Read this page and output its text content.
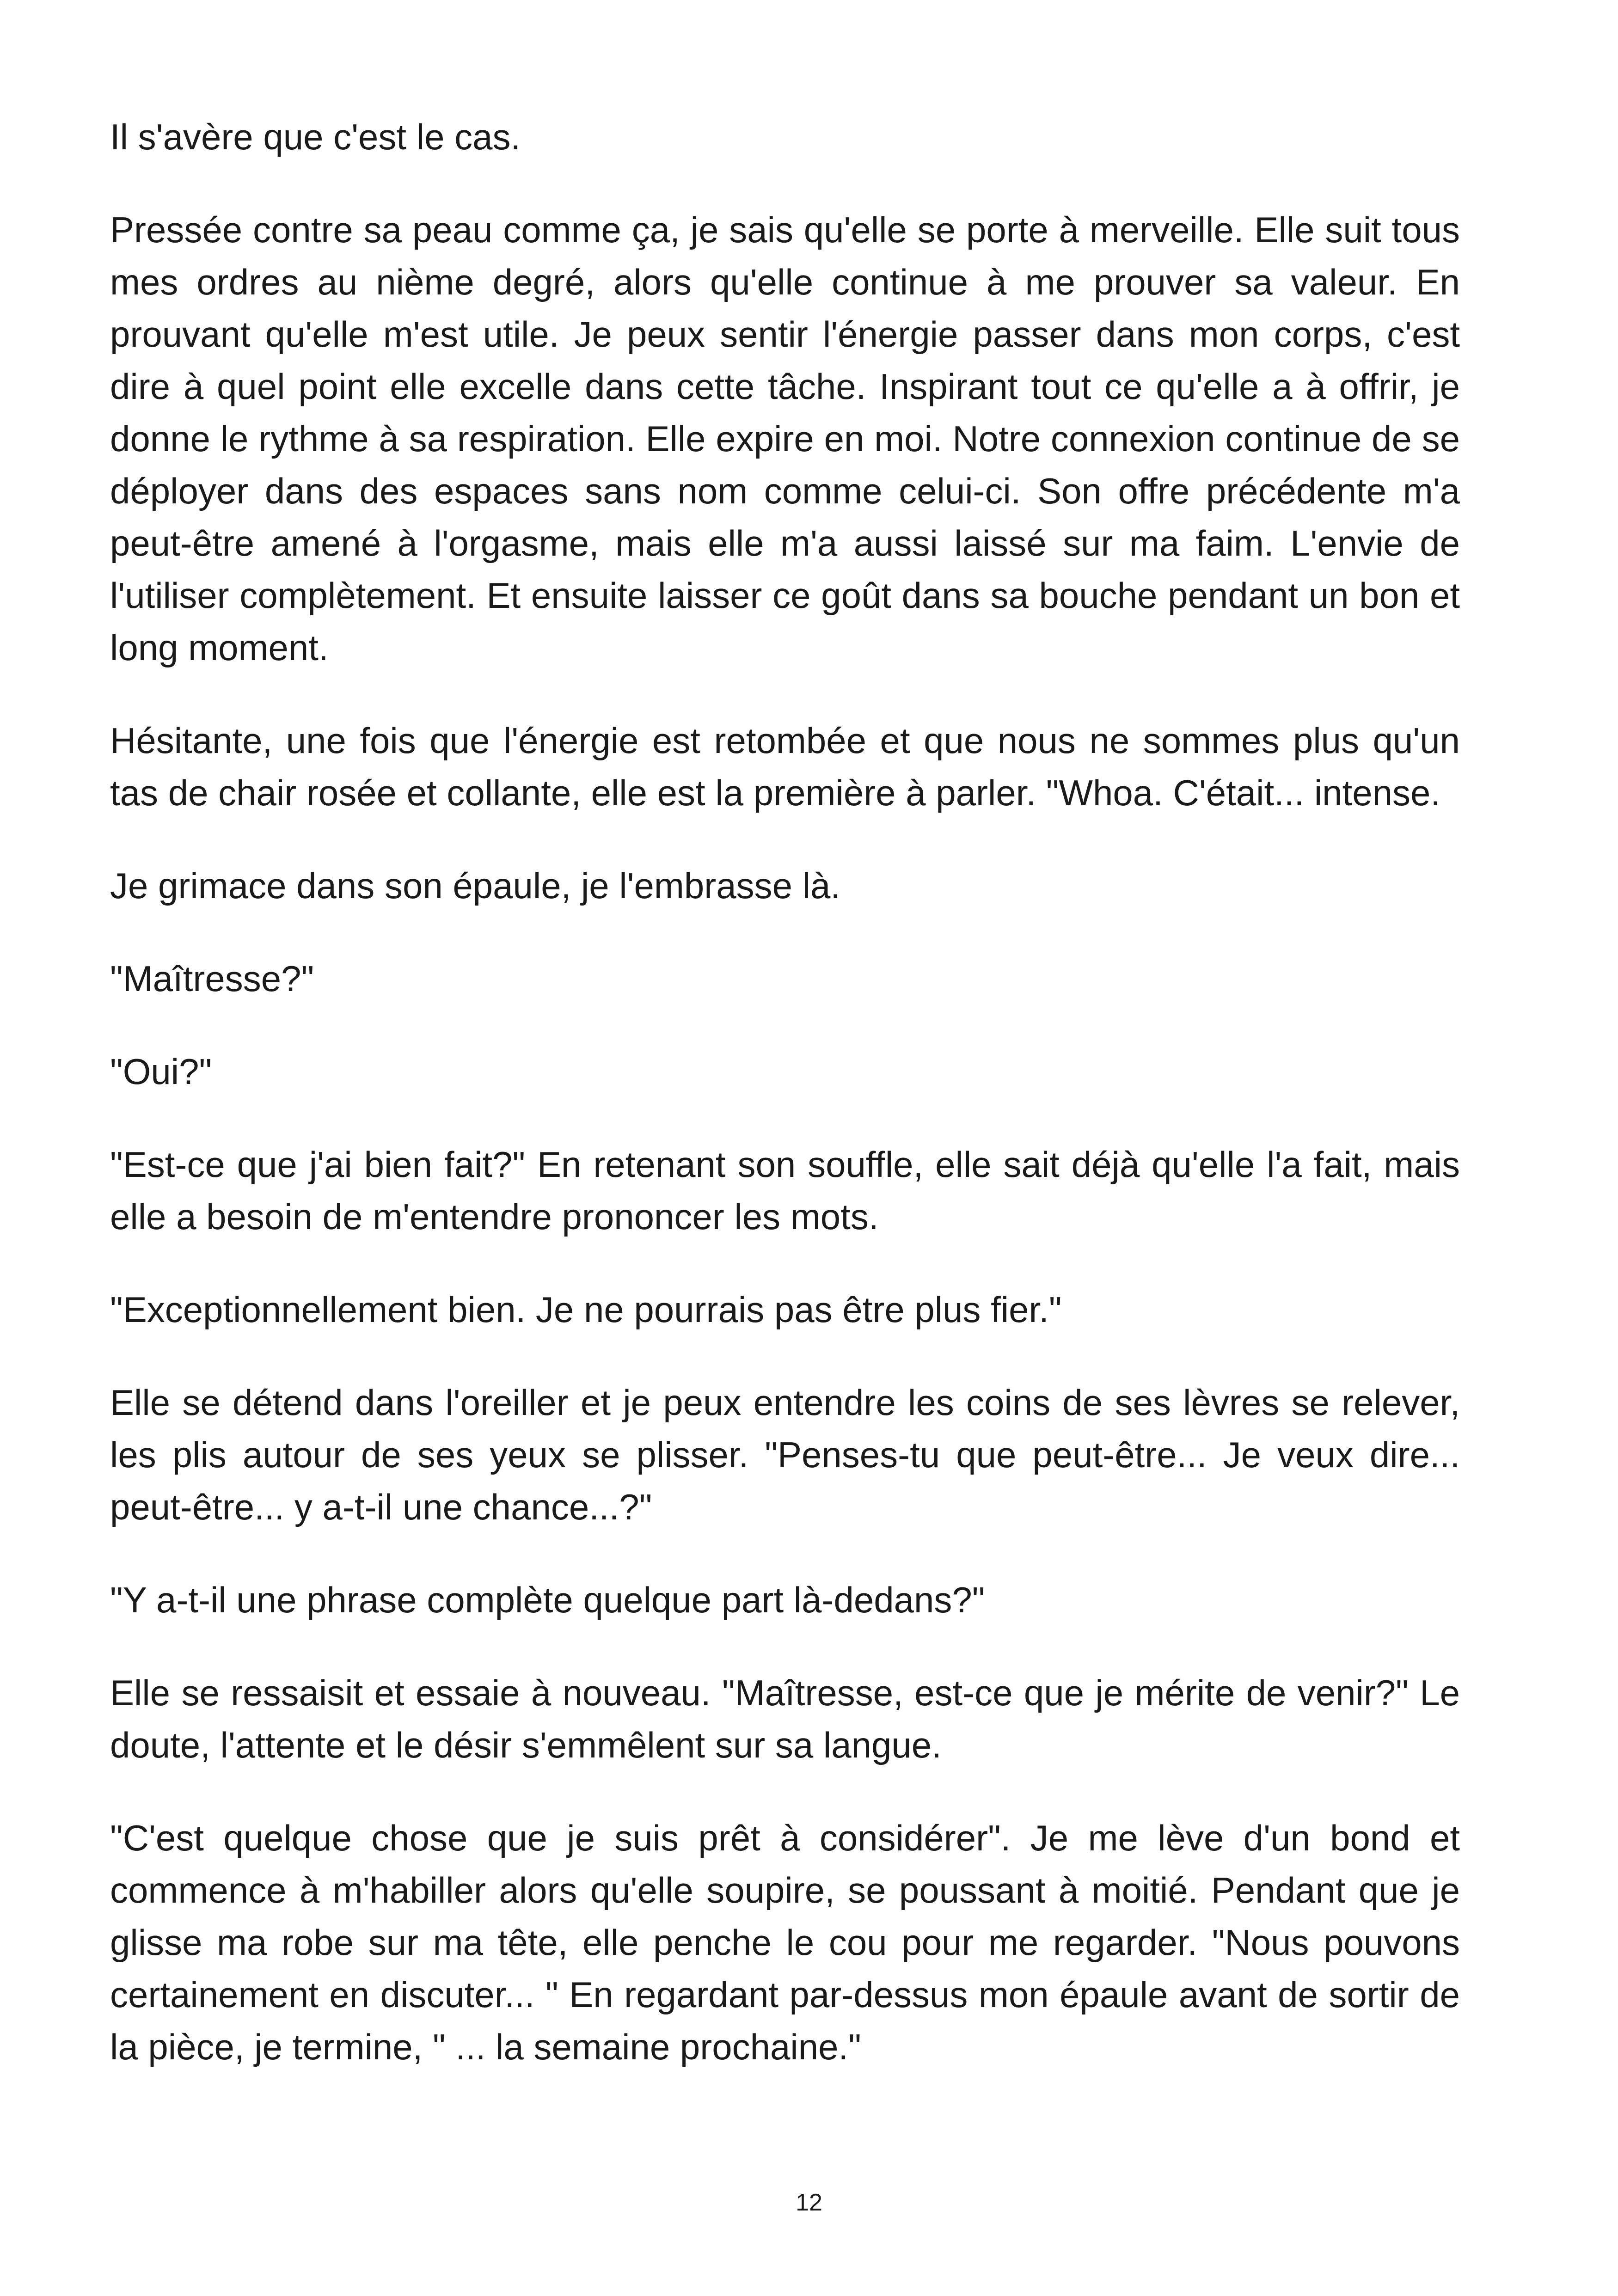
Il s'avère que c'est le cas.

Pressée contre sa peau comme ça, je sais qu'elle se porte à merveille. Elle suit tous mes ordres au nième degré, alors qu'elle continue à me prouver sa valeur. En prouvant qu'elle m'est utile. Je peux sentir l'énergie passer dans mon corps, c'est dire à quel point elle excelle dans cette tâche. Inspirant tout ce qu'elle a à offrir, je donne le rythme à sa respiration. Elle expire en moi. Notre connexion continue de se déployer dans des espaces sans nom comme celui-ci. Son offre précédente m'a peut-être amené à l'orgasme, mais elle m'a aussi laissé sur ma faim. L'envie de l'utiliser complètement. Et ensuite laisser ce goût dans sa bouche pendant un bon et long moment.

Hésitante, une fois que l'énergie est retombée et que nous ne sommes plus qu'un tas de chair rosée et collante, elle est la première à parler. "Whoa. C'était... intense.

Je grimace dans son épaule, je l'embrasse là.

"Maîtresse?"

"Oui?"

"Est-ce que j'ai bien fait?" En retenant son souffle, elle sait déjà qu'elle l'a fait, mais elle a besoin de m'entendre prononcer les mots.

"Exceptionnellement bien. Je ne pourrais pas être plus fier."

Elle se détend dans l'oreiller et je peux entendre les coins de ses lèvres se relever, les plis autour de ses yeux se plisser. "Penses-tu que peut-être... Je veux dire... peut-être... y a-t-il une chance...?"

"Y a-t-il une phrase complète quelque part là-dedans?"

Elle se ressaisit et essaie à nouveau. "Maîtresse, est-ce que je mérite de venir?" Le doute, l'attente et le désir s'emmêlent sur sa langue.

"C'est quelque chose que je suis prêt à considérer". Je me lève d'un bond et commence à m'habiller alors qu'elle soupire, se poussant à moitié. Pendant que je glisse ma robe sur ma tête, elle penche le cou pour me regarder. "Nous pouvons certainement en discuter... " En regardant par-dessus mon épaule avant de sortir de la pièce, je termine, " ... la semaine prochaine."

12
